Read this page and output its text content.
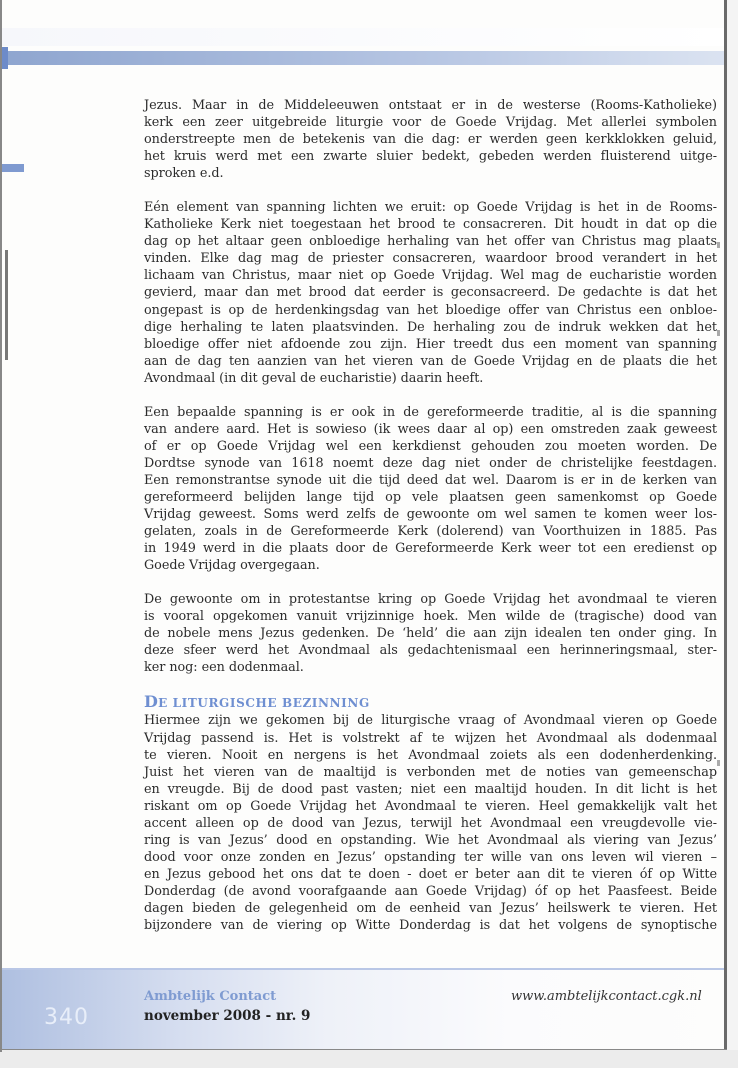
Jezus. Maar in de Middeleeuwen ontstaat er in de westerse (Rooms-Katholieke)
kerk een zeer uitgebreide liturgie voor de Goede Vrijdag. Met allerlei symbolen
onderstreepte men de betekenis van die dag: er werden geen kerkklokken geluid,
het kruis werd met een zwarte sluier bedekt, gebeden werden fluisterend uitge-
sproken e.d.

Eén element van spanning lichten we eruit: op Goede Vrijdag is het in de Rooms-
Katholieke Kerk niet toegestaan het brood te consacreren. Dit houdt in dat op die
dag op het altaar geen onbloedige herhaling van het offer van Christus mag plaats
vinden. Elke dag mag de priester consacreren, waardoor brood verandert in het
lichaam van Christus, maar niet op Goede Vrijdag. Wel mag de eucharistie worden
gevierd, maar dan met brood dat eerder is geconsacreerd. De gedachte is dat het
ongepast is op de herdenkingsdag van het bloedige offer van Christus een onbloe-
dige herhaling te laten plaatsvinden. De herhaling zou de indruk wekken dat het
bloedige offer niet afdoende zou zijn. Hier treedt dus een moment van spanning
aan de dag ten aanzien van het vieren van de Goede Vrijdag en de plaats die het
Avondmaal (in dit geval de eucharistie) daarin heeft.

Een bepaalde spanning is er ook in de gereformeerde traditie, al is die spanning
van andere aard. Het is sowieso (ik wees daar al op) een omstreden zaak geweest
of er op Goede Vrijdag wel een kerkdienst gehouden zou moeten worden. De
Dordtse synode van 1618 noemt deze dag niet onder de christelijke feestdagen.
Een remonstrantse synode uit die tijd deed dat wel. Daarom is er in de kerken van
gereformeerd belijden lange tijd op vele plaatsen geen samenkomst op Goede
Vrijdag geweest. Soms werd zelfs de gewoonte om wel samen te komen weer los-
gelaten, zoals in de Gereformeerde Kerk (dolerend) van Voorthuizen in 1885. Pas
in 1949 werd in die plaats door de Gereformeerde Kerk weer tot een eredienst op
Goede Vrijdag overgegaan.

De gewoonte om in protestantse kring op Goede Vrijdag het avondmaal te vieren
is vooral opgekomen vanuit vrijzinnige hoek. Men wilde de (tragische) dood van
de nobele mens Jezus gedenken. De ‘held’ die aan zijn idealen ten onder ging. In
deze sfeer werd het Avondmaal als gedachtenismaal een herinneringsmaal, ster-
ker nog: een dodenmaal.

DE LITURGISCHE BEZINNING

Hiermee zijn we gekomen bij de liturgische vraag of Avondmaal vieren op Goede
Vrijdag passend is. Het is volstrekt af te wijzen het Avondmaal als dodenmaal
te vieren. Nooit en nergens is het Avondmaal zoiets als een dodenherdenking.
Juist het vieren van de maaltijd is verbonden met de noties van gemeenschap
en vreugde. Bij de dood past vasten; niet een maaltijd houden. In dit licht is het
riskant om op Goede Vrijdag het Avondmaal te vieren. Heel gemakkelijk valt het
accent alleen op de dood van Jezus, terwijl het Avondmaal een vreugdevolle vie-
ring is van Jezus’ dood en opstanding. Wie het Avondmaal als viering van Jezus’
dood voor onze zonden en Jezus’ opstanding ter wille van ons leven wil vieren –
en Jezus gebood het ons dat te doen - doet er beter aan dit te vieren óf op Witte
Donderdag (de avond voorafgaande aan Goede Vrijdag) óf op het Paasfeest. Beide
dagen bieden de gelegenheid om de eenheid van Jezus’ heilswerk te vieren. Het
bijzondere van de viering op Witte Donderdag is dat het volgens de synoptische

340
Ambtelijk Contact
november 2008 - nr. 9
www.ambtelijkcontact.cgk.nl
